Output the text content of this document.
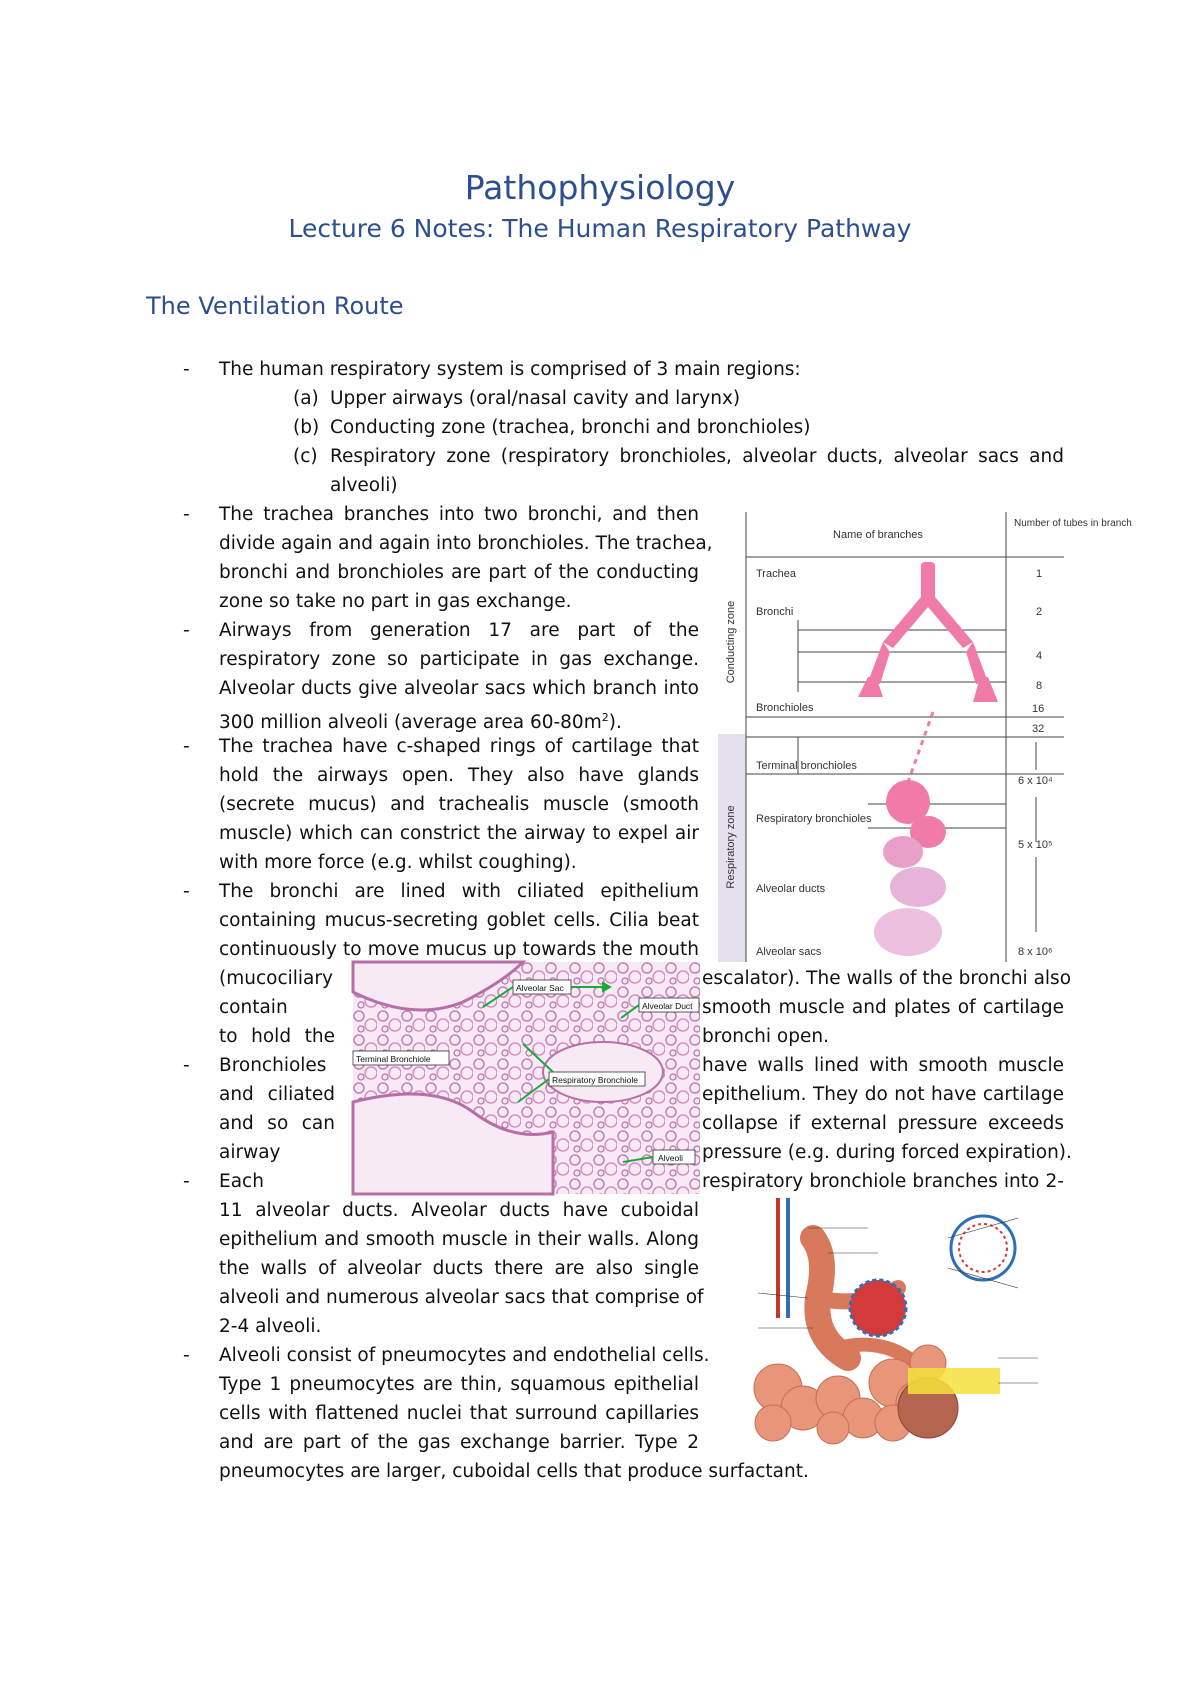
Pathophysiology
Lecture 6 Notes: The Human Respiratory Pathway
The Ventilation Route
- The human respiratory system is comprised of 3 main regions:
(a) Upper airways (oral/nasal cavity and larynx)
(b) Conducting zone (trachea, bronchi and bronchioles)
(c) Respiratory zone (respiratory bronchioles, alveolar ducts, alveolar sacs and
alveoli)
- The trachea branches into two bronchi, and then
divide again and again into bronchioles. The trachea,
bronchi and bronchioles are part of the conducting
zone so take no part in gas exchange.
- Airways from generation 17 are part of the
respiratory zone so participate in gas exchange.
Alveolar ducts give alveolar sacs which branch into
300 million alveoli (average area $60-80m^2$).
- The trachea have c-shaped rings of cartilage that
hold the airways open. They also have glands
(secrete mucus) and trachealis muscle (smooth
muscle) which can constrict the airway to expel air
with more force (e.g. whilst coughing).
- The bronchi are lined with ciliated epithelium
containing mucus-secreting goblet cells. Cilia beat
continuously to move mucus up towards the mouth
(mucociliary	escalator). The walls of the bronchi also
contain	smooth muscle and plates of cartilage
to hold the	bronchi open.
- Bronchioles	have walls lined with smooth muscle
and ciliated	epithelium. They do not have cartilage
and so can	collapse if external pressure exceeds
airway	pressure (e.g. during forced expiration).
- Each	respiratory bronchiole branches into 2-
11 alveolar ducts. Alveolar ducts have cuboidal
epithelium and smooth muscle in their walls. Along
the walls of alveolar ducts there are also single
alveoli and numerous alveolar sacs that comprise of
2-4 alveoli.
- Alveoli consist of pneumocytes and endothelial cells.
Type 1 pneumocytes are thin, squamous epithelial
cells with flattened nuclei that surround capillaries
and are part of the gas exchange barrier. Type 2
pneumocytes are larger, cuboidal cells that produce surfactant.
Name of branches
Number of tubes in branch
Conducting zone
Respiratory zone
Trachea
Bronchi
Bronchioles
Terminal bronchioles
Respiratory bronchioles
Alveolar ducts
Alveolar sacs
1
2
4
8
16
32
6 x 10⁴
5 x 10⁵
8 x 10⁶
Alveolar Sac
Alveolar Duct
Terminal Bronchiole
Respiratory Bronchiole
Alveoli
